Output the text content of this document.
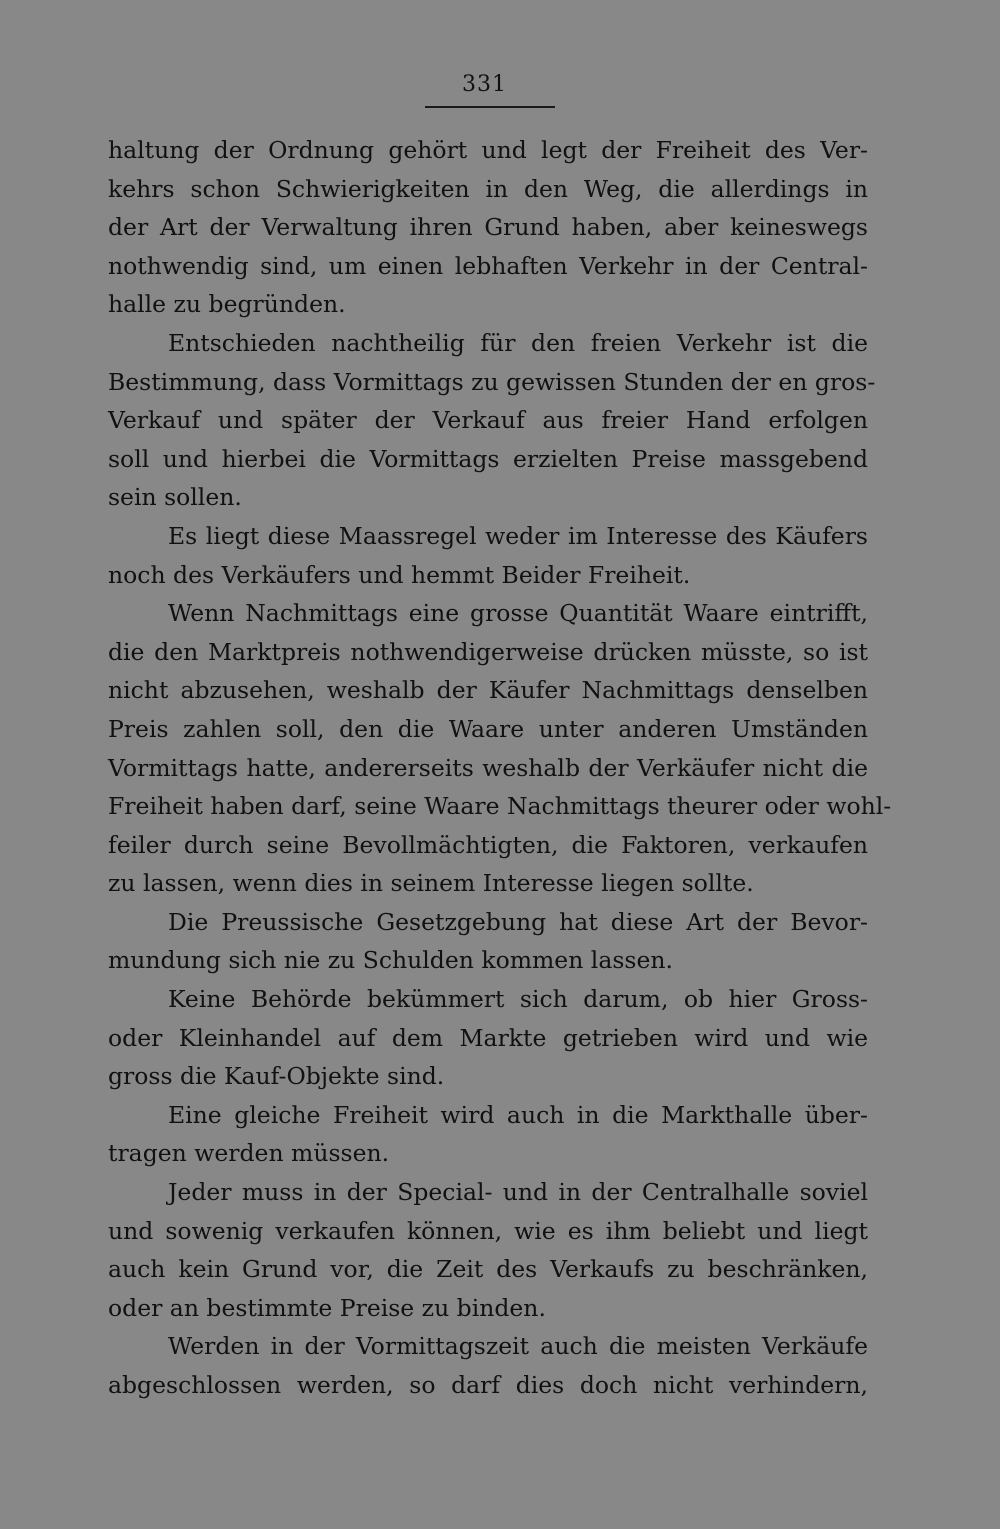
331
haltung der Ordnung gehört und legt der Freiheit des Ver-
kehrs schon Schwierigkeiten in den Weg, die allerdings in
der Art der Verwaltung ihren Grund haben, aber keineswegs
nothwendig sind, um einen lebhaften Verkehr in der Central-
halle zu begründen.
Entschieden nachtheilig für den freien Verkehr ist die
Bestimmung, dass Vormittags zu gewissen Stunden der en gros-
Verkauf und später der Verkauf aus freier Hand erfolgen
soll und hierbei die Vormittags erzielten Preise massgebend
sein sollen.
Es liegt diese Maassregel weder im Interesse des Käufers
noch des Verkäufers und hemmt Beider Freiheit.
Wenn Nachmittags eine grosse Quantität Waare eintrifft,
die den Marktpreis nothwendigerweise drücken müsste, so ist
nicht abzusehen, weshalb der Käufer Nachmittags denselben
Preis zahlen soll, den die Waare unter anderen Umständen
Vormittags hatte, andererseits weshalb der Verkäufer nicht die
Freiheit haben darf, seine Waare Nachmittags theurer oder wohl-
feiler durch seine Bevollmächtigten, die Faktoren, verkaufen
zu lassen, wenn dies in seinem Interesse liegen sollte.
Die Preussische Gesetzgebung hat diese Art der Bevor-
mundung sich nie zu Schulden kommen lassen.
Keine Behörde bekümmert sich darum, ob hier Gross-
oder Kleinhandel auf dem Markte getrieben wird und wie
gross die Kauf-Objekte sind.
Eine gleiche Freiheit wird auch in die Markthalle über-
tragen werden müssen.
Jeder muss in der Special- und in der Centralhalle soviel
und sowenig verkaufen können, wie es ihm beliebt und liegt
auch kein Grund vor, die Zeit des Verkaufs zu beschränken,
oder an bestimmte Preise zu binden.
Werden in der Vormittagszeit auch die meisten Verkäufe
abgeschlossen werden, so darf dies doch nicht verhindern,
